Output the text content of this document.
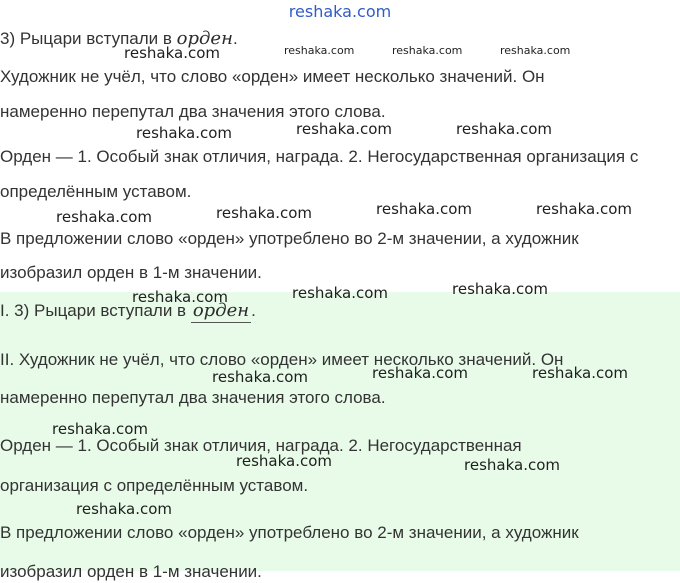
reshaka.com
3) Рыцари вступали в орден.
Художник не учёл, что слово «орден» имеет несколько значений. Он
намеренно перепутал два значения этого слова.
Орден — 1. Особый знак отличия, награда. 2. Негосударственная организация с
определённым уставом.
В предложении слово «орден» употреблено во 2-м значении, а художник
изобразил орден в 1-м значении.
I. 3) Рыцари вступали в орден .
II. Художник не учёл, что слово «орден» имеет несколько значений. Он
намеренно перепутал два значения этого слова.
Орден — 1. Особый знак отличия, награда. 2. Негосударственная
организация с определённым уставом.
В предложении слово «орден» употреблено во 2-м значении, а художник
изобразил орден в 1-м значении.
reshaka.com	reshaka.com	reshaka.com	reshaka.com
reshaka.com	reshaka.com	reshaka.com
reshaka.com	reshaka.com	reshaka.com	reshaka.com
reshaka.com	reshaka.com	reshaka.com
reshaka.com	reshaka.com	reshaka.com
reshaka.com
reshaka.com	reshaka.com
reshaka.com
